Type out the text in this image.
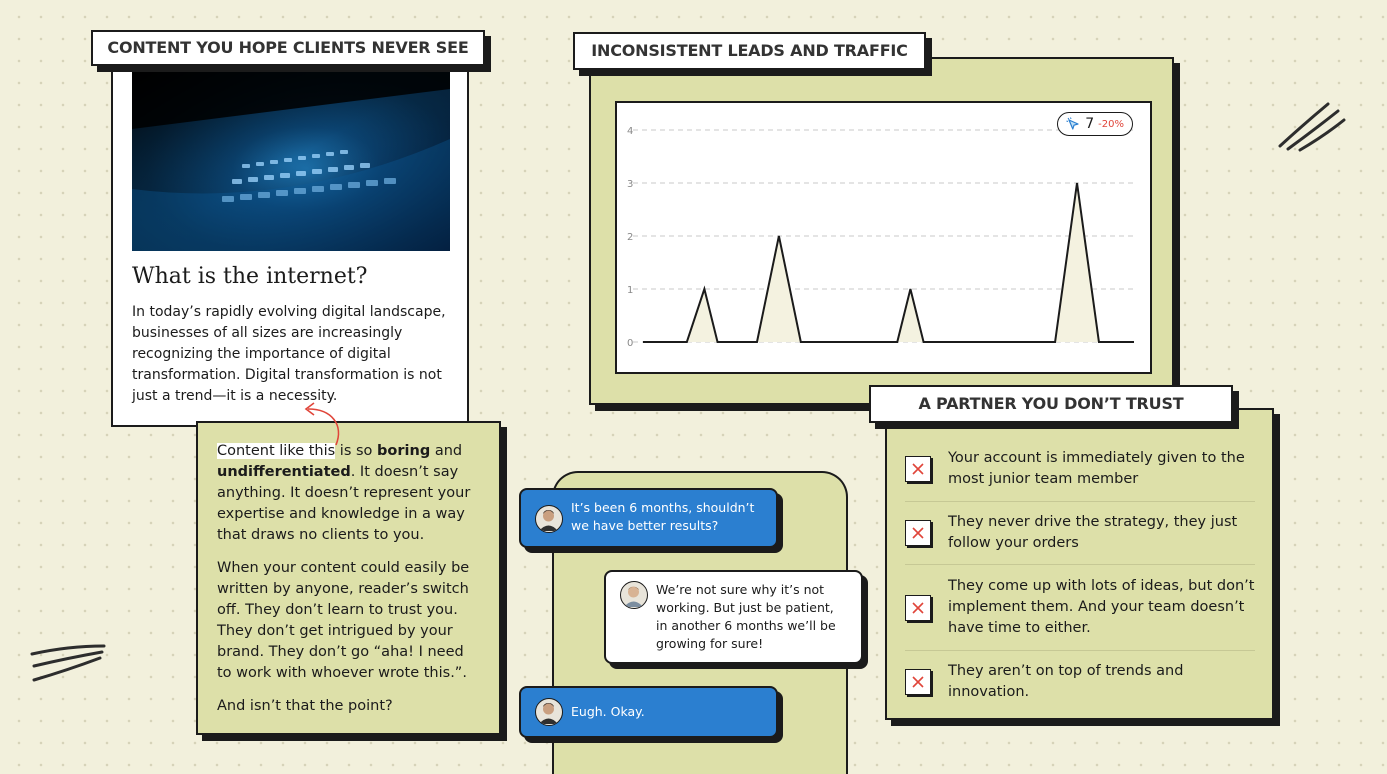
What is the internet?

In today’s rapidly evolving digital landscape, businesses of all sizes are increasingly recognizing the importance of digital transformation. Digital transformation is not just a trend—it is a necessity.

CONTENT YOU HOPE CLIENTS NEVER SEE

Content like this is so boring and undifferentiated. It doesn’t say anything. It doesn’t represent your expertise and knowledge in a way that draws no clients to you.

When your content could easily be written by anyone, reader’s switch off. They don’t learn to trust you. They don’t get intrigued by your brand. They don’t go “aha! I need to work with whoever wrote this.”.

And isn’t that the point?

0
1
2
3
4	7 -20%
INCONSISTENT LEADS AND TRAFFIC
It’s been 6 months, shouldn’t we have better results?
We’re not sure why it’s not working. But just be patient, in another 6 months we’ll be growing for sure!
Eugh. Okay.
Your account is immediately given to the most junior team member
They never drive the strategy, they just follow your orders
They come up with lots of ideas, but don’t implement them. And your team doesn’t have time to either.
They aren’t on top of trends and innovation.
A PARTNER YOU DON’T TRUST
